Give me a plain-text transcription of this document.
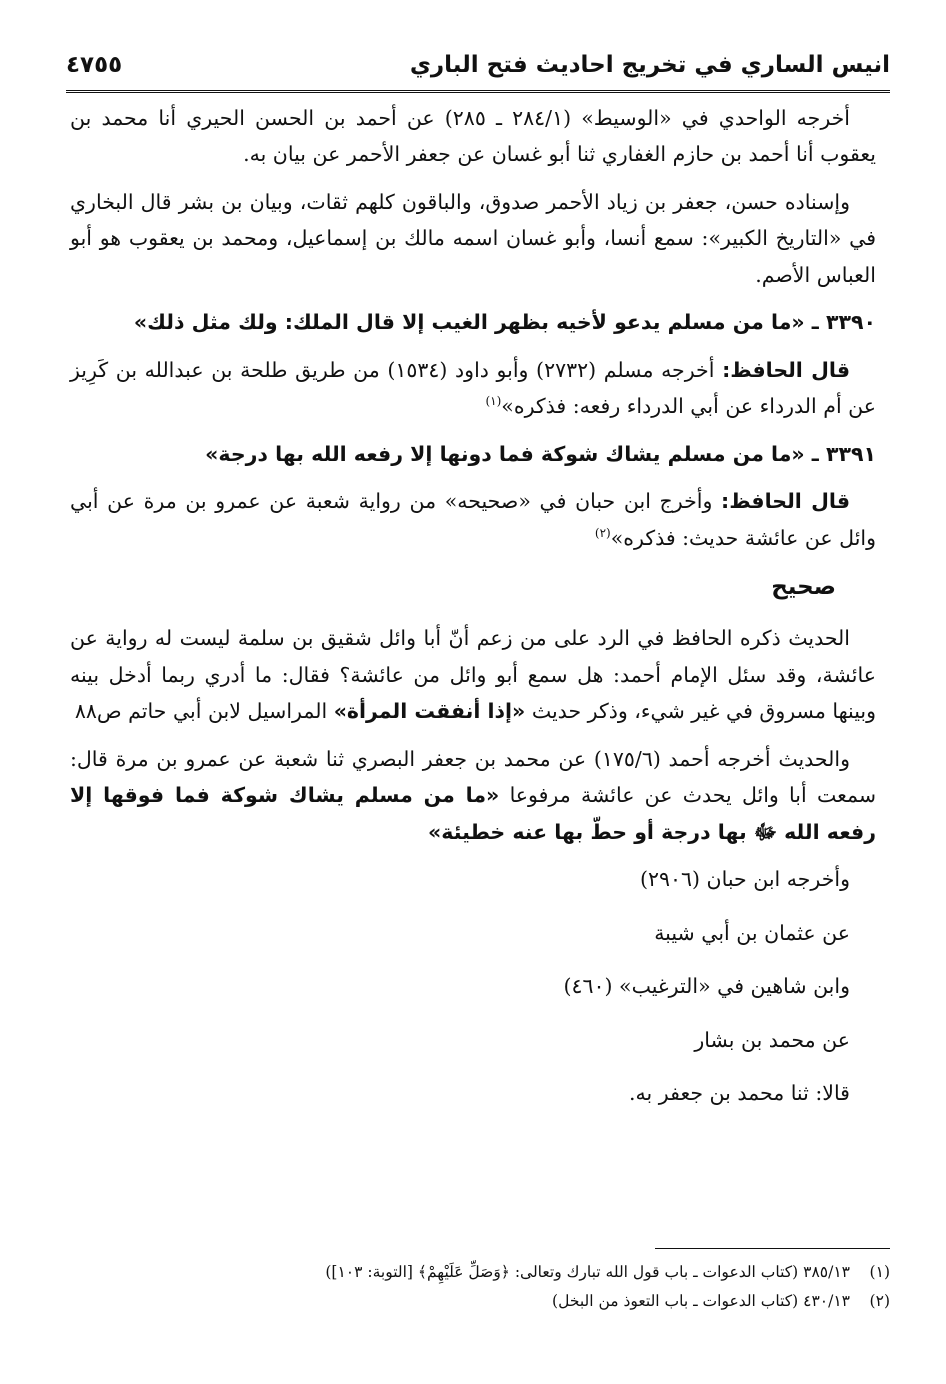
انيس الساري في تخريج احاديث فتح الباري
٤٧٥٥

أخرجه الواحدي في «الوسيط» (٢٨٤/١ ـ ٢٨٥) عن أحمد بن الحسن الحيري أنا محمد بن يعقوب أنا أحمد بن حازم الغفاري ثنا أبو غسان عن جعفر الأحمر عن بيان به.

وإسناده حسن، جعفر بن زياد الأحمر صدوق، والباقون كلهم ثقات، وبيان بن بشر قال البخاري في «التاريخ الكبير»: سمع أنسا، وأبو غسان اسمه مالك بن إسماعيل، ومحمد بن يعقوب هو أبو العباس الأصم.

٣٣٩٠ ـ «ما من مسلم يدعو لأخيه بظهر الغيب إلا قال الملك: ولك مثل ذلك»

قال الحافظ: أخرجه مسلم (٢٧٣٢) وأبو داود (١٥٣٤) من طريق طلحة بن عبدالله بن كَرِيز عن أم الدرداء عن أبي الدرداء رفعه: فذكره»$^{(١)}$

٣٣٩١ ـ «ما من مسلم يشاك شوكة فما دونها إلا رفعه الله بها درجة»

قال الحافظ: وأخرج ابن حبان في «صحيحه» من رواية شعبة عن عمرو بن مرة عن أبي وائل عن عائشة حديث: فذكره»$^{(٢)}$

صحيح

الحديث ذكره الحافظ في الرد على من زعم أنّ أبا وائل شقيق بن سلمة ليست له رواية عن عائشة، وقد سئل الإمام أحمد: هل سمع أبو وائل من عائشة؟ فقال: ما أدري ربما أدخل بينه وبينها مسروق في غير شيء، وذكر حديث «إذا أنفقت المرأة» المراسيل لابن أبي حاتم ص٨٨

والحديث أخرجه أحمد (١٧٥/٦) عن محمد بن جعفر البصري ثنا شعبة عن عمرو بن مرة قال: سمعت أبا وائل يحدث عن عائشة مرفوعا «ما من مسلم يشاك شوكة فما فوقها إلا رفعه الله ﷻ بها درجة أو حطّ بها عنه خطيئة»

وأخرجه ابن حبان (٢٩٠٦)

عن عثمان بن أبي شيبة

وابن شاهين في «الترغيب» (٤٦٠)

عن محمد بن بشار

قالا: ثنا محمد بن جعفر به.

(١)٣٨٥/١٣ (كتاب الدعوات ـ باب قول الله تبارك وتعالى: ﴿وَصَلِّ عَلَيْهِمْ﴾ [التوبة: ١٠٣])

(٢)٤٣٠/١٣ (كتاب الدعوات ـ باب التعوذ من البخل)
